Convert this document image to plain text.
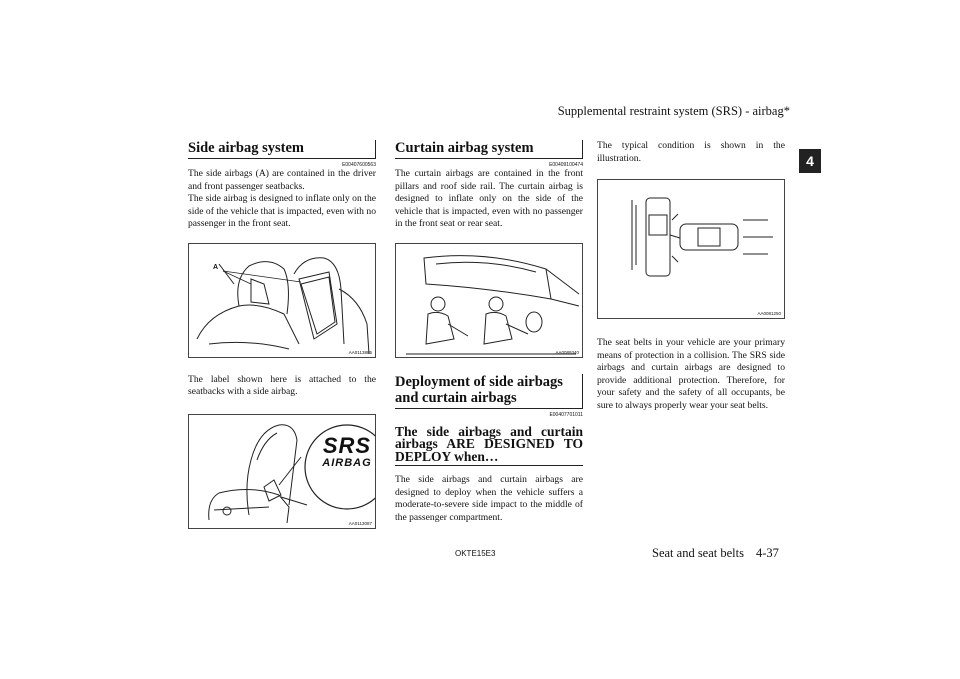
Supplemental restraint system (SRS) - airbag*
4
Side airbag system
E00407600563

The side airbags (A) are contained in the driver and front passenger seatbacks.

The side airbag is designed to inflate only on the side of the vehicle that is impacted, even with no passenger in the front seat.

A
AA0113885

The label shown here is attached to the seatbacks with a side airbag.

SRS
AIRBAG
AA0113087
Curtain airbag system
E00409100474

The curtain airbags are contained in the front pillars and roof side rail. The curtain airbag is designed to inflate only on the side of the vehicle that is impacted, even with no passenger in the front seat or rear seat.

AA0089340
Deployment of side airbags and curtain airbags
E00407701011
The side airbags and curtain airbags ARE DESIGNED TO DEPLOY when…

The side airbags and curtain airbags are designed to deploy when the vehicle suffers a moderate-to-severe side impact to the middle of the passenger compartment.

The typical condition is shown in the illustration.

AA0081250

The seat belts in your vehicle are your primary means of protection in a collision. The SRS side airbags and curtain airbags are designed to provide additional protection. Therefore, for your safety and the safety of all occupants, be sure to always properly wear your seat belts.

OKTE15E3	Seat and seat belts 4-37
